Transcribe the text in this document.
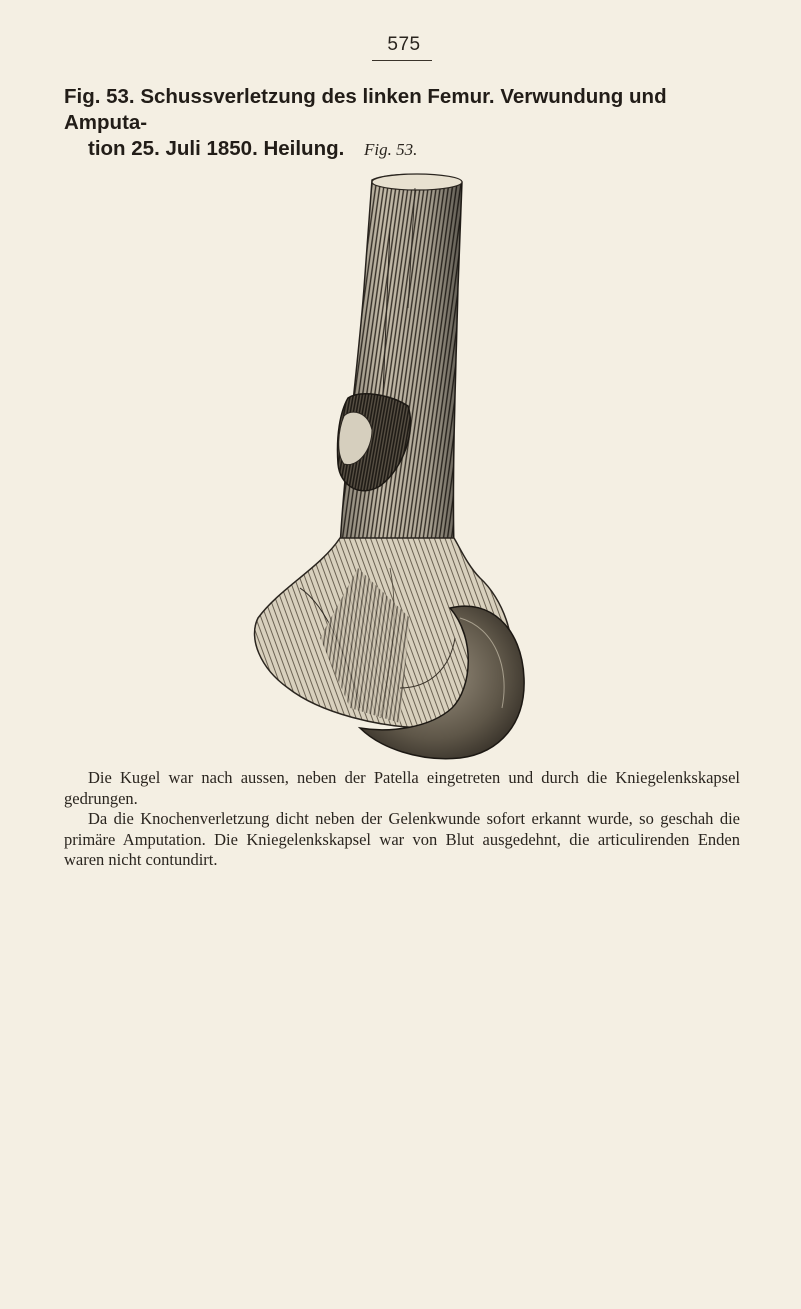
575
Fig. 53. Schussverletzung des linken Femur. Verwundung und Amputa-
tion 25. Juli 1850. Heilung.	Fig. 53.

Die Kugel war nach aussen, neben der Patella eingetreten und durch die Kniegelenkskapsel gedrungen.

Da die Knochenverletzung dicht neben der Gelenkwunde sofort erkannt wurde, so geschah die primäre Amputation. Die Kniegelenkskapsel war von Blut ausgedehnt, die articulirenden Enden waren nicht contundirt.
